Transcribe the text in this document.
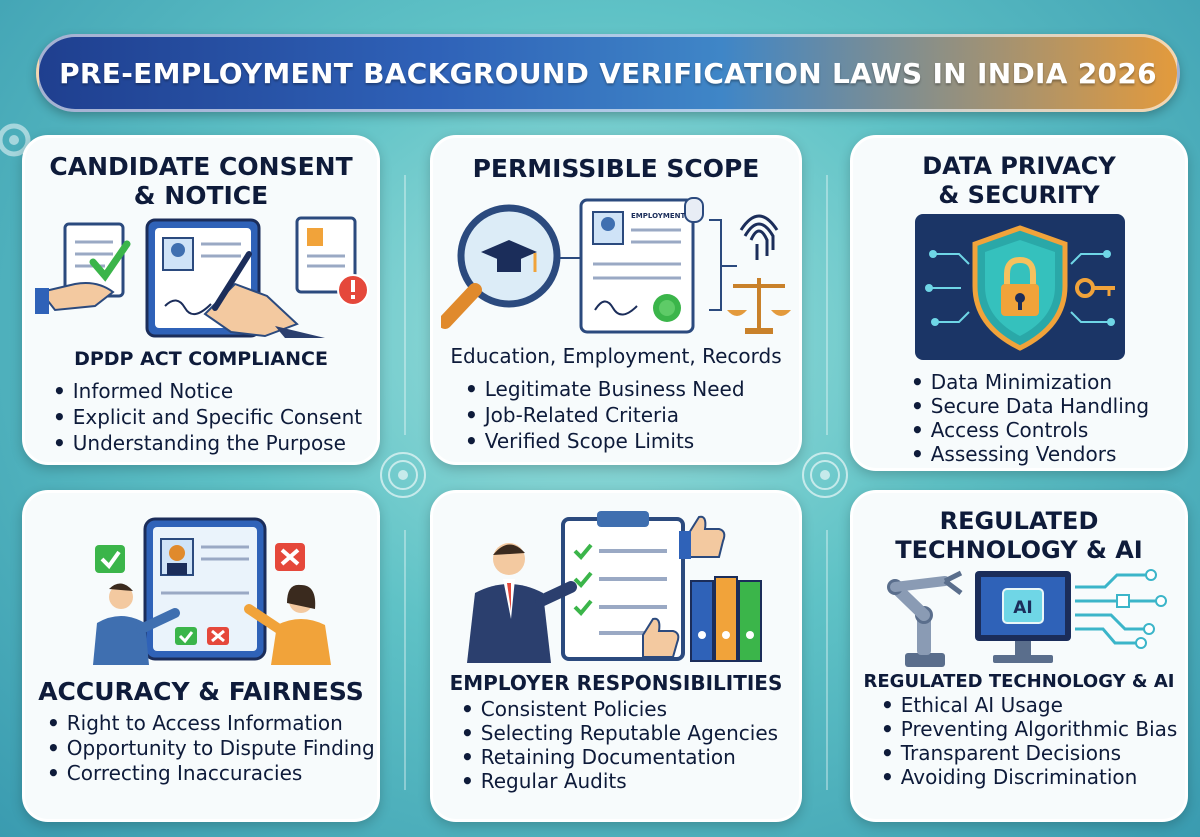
PRE-EMPLOYMENT BACKGROUND VERIFICATION LAWS IN INDIA 2026
CANDIDATE CONSENT
& NOTICE
DPDP ACT COMPLIANCE
• Informed Notice
• Explicit and Specific Consent
• Understanding the Purpose
PERMISSIBLE SCOPE
EMPLOYMENT
Education, Employment, Records
• Legitimate Business Need
• Job-Related Criteria
• Verified Scope Limits
DATA PRIVACY
& SECURITY
• Data Minimization
• Secure Data Handling
• Access Controls
• Assessing Vendors
ACCURACY & FAIRNESS
• Right to Access Information
• Opportunity to Dispute Finding
• Correcting Inaccuracies
EMPLOYER RESPONSIBILITIES
• Consistent Policies
• Selecting Reputable Agencies
• Retaining Documentation
• Regular Audits
REGULATED
TECHNOLOGY & AI
AI
REGULATED TECHNOLOGY & AI
• Ethical AI Usage
• Preventing Algorithmic Bias
• Transparent Decisions
• Avoiding Discrimination
